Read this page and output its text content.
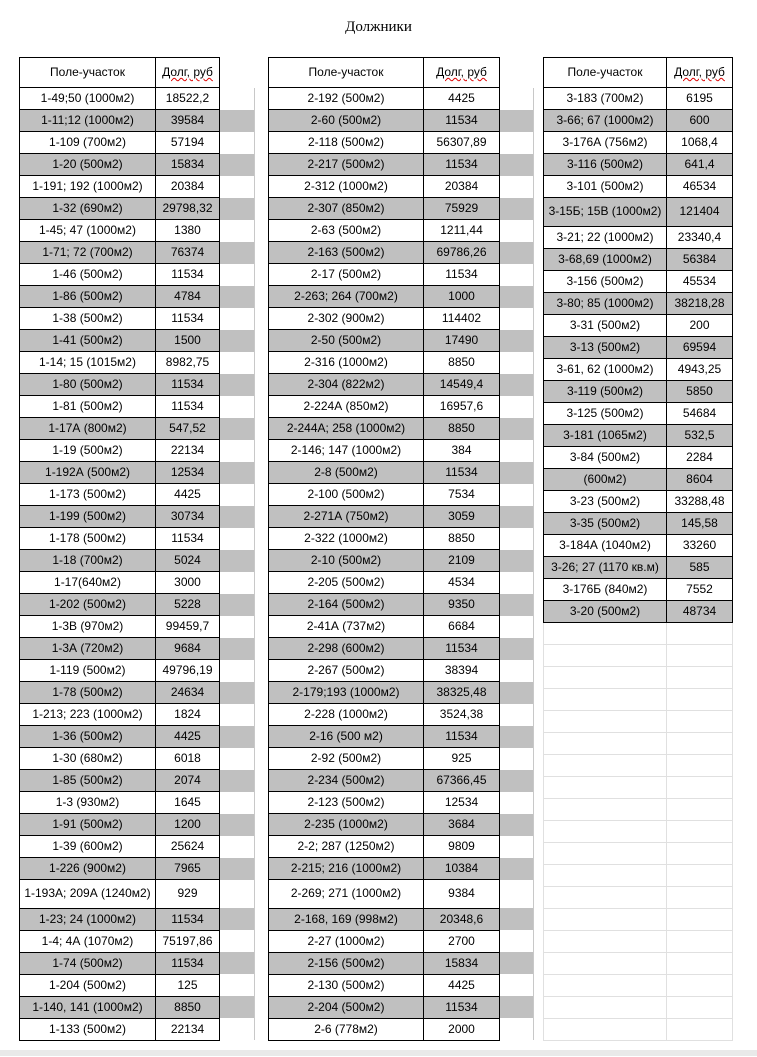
Должники
Поле-участок	Долг, руб	
1-49;50 (1000м2)	18522,2	
1-11;12 (1000м2)	39584	
1-109 (700м2)	57194	
1-20 (500м2)	15834	
1-191; 192 (1000м2)	20384	
1-32 (690м2)	29798,32	
1-45; 47 (1000м2)	1380	
1-71; 72 (700м2)	76374	
1-46 (500м2)	11534	
1-86 (500м2)	4784	
1-38 (500м2)	11534	
1-41 (500м2)	1500	
1-14; 15 (1015м2)	8982,75	
1-80 (500м2)	11534	
1-81 (500м2)	11534	
1-17А (800м2)	547,52	
1-19 (500м2)	22134	
1-192А (500м2)	12534	
1-173 (500м2)	4425	
1-199 (500м2)	30734	
1-178 (500м2)	11534	
1-18 (700м2)	5024	
1-17(640м2)	3000	
1-202 (500м2)	5228	
1-3В (970м2)	99459,7	
1-3А (720м2)	9684	
1-119 (500м2)	49796,19	
1-78 (500м2)	24634	
1-213; 223 (1000м2)	1824	
1-36 (500м2)	4425	
1-30 (680м2)	6018	
1-85 (500м2)	2074	
1-3 (930м2)	1645	
1-91 (500м2)	1200	
1-39 (600м2)	25624	
1-226 (900м2)	7965	
1-193А; 209А (1240м2)	929	
1-23; 24 (1000м2)	11534	
1-4; 4А (1070м2)	75197,86	
1-74 (500м2)	11534	
1-204 (500м2)	125	
1-140, 141 (1000м2)	8850	
1-133 (500м2)	22134	
Поле-участок	Долг, руб	
2-192 (500м2)	4425	
2-60 (500м2)	11534	
2-118 (500м2)	56307,89	
2-217 (500м2)	11534	
2-312 (1000м2)	20384	
2-307 (850м2)	75929	
2-63 (500м2)	1211,44	
2-163 (500м2)	69786,26	
2-17 (500м2)	11534	
2-263; 264 (700м2)	1000	
2-302 (900м2)	114402	
2-50 (500м2)	17490	
2-316 (1000м2)	8850	
2-304 (822м2)	14549,4	
2-224А (850м2)	16957,6	
2-244А; 258 (1000м2)	8850	
2-146; 147 (1000м2)	384	
2-8 (500м2)	11534	
2-100 (500м2)	7534	
2-271А (750м2)	3059	
2-322 (1000м2)	8850	
2-10 (500м2)	2109	
2-205 (500м2)	4534	
2-164 (500м2)	9350	
2-41А (737м2)	6684	
2-298 (600м2)	11534	
2-267 (500м2)	38394	
2-179;193 (1000м2)	38325,48	
2-228 (1000м2)	3524,38	
2-16 (500 м2)	11534	
2-92 (500м2)	925	
2-234 (500м2)	67366,45	
2-123 (500м2)	12534	
2-235 (1000м2)	3684	
2-2; 287 (1250м2)	9809	
2-215; 216 (1000м2)	10384	
2-269; 271 (1000м2)	9384	
2-168, 169 (998м2)	20348,6	
2-27 (1000м2)	2700	
2-156 (500м2)	15834	
2-130 (500м2)	4425	
2-204 (500м2)	11534	
2-6 (778м2)	2000	
Поле-участок	Долг, руб
3-183 (700м2)	6195
3-66; 67 (1000м2)	600
3-176А (756м2)	1068,4
3-116 (500м2)	641,4
3-101 (500м2)	46534
3-15Б; 15В (1000м2)	121404
3-21; 22 (1000м2)	23340,4
3-68,69 (1000м2)	56384
3-156 (500м2)	45534
3-80; 85 (1000м2)	38218,28
3-31 (500м2)	200
3-13 (500м2)	69594
3-61, 62 (1000м2)	4943,25
3-119 (500м2)	5850
3-125 (500м2)	54684
3-181 (1065м2)	532,5
3-84 (500м2)	2284
(600м2)	8604
3-23 (500м2)	33288,48
3-35 (500м2)	145,58
3-184А (1040м2)	33260
3-26; 27 (1170 кв.м)	585
3-176Б (840м2)	7552
3-20 (500м2)	48734
